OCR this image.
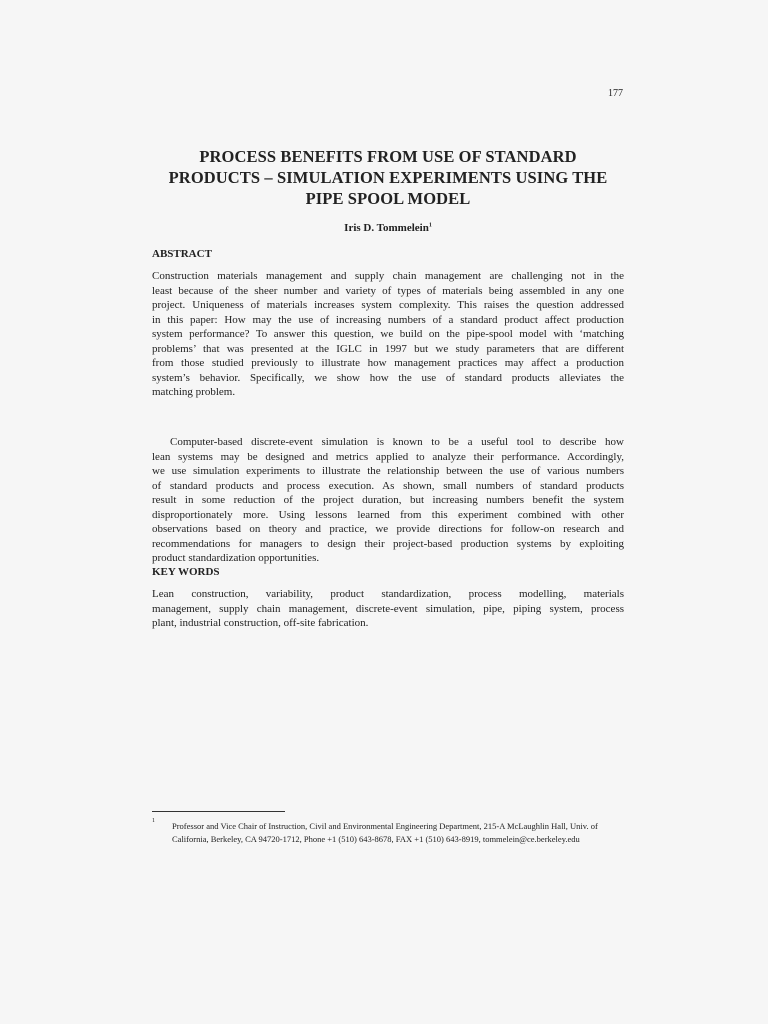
177
PROCESS BENEFITS FROM USE OF STANDARD
PRODUCTS – SIMULATION EXPERIMENTS USING THE
PIPE SPOOL MODEL
Iris D. Tommelein$^1$
ABSTRACT
Construction materials management and supply chain management are challenging not in the
least because of the sheer number and variety of types of materials being assembled in any one
project. Uniqueness of materials increases system complexity. This raises the question addressed
in this paper: How may the use of increasing numbers of a standard product affect production
system performance? To answer this question, we build on the pipe-spool model with ‘matching
problems’ that was presented at the IGLC in 1997 but we study parameters that are different
from those studied previously to illustrate how management practices may affect a production
system’s behavior. Specifically, we show how the use of standard products alleviates the
matching problem.
Computer-based discrete-event simulation is known to be a useful tool to describe how
lean systems may be designed and metrics applied to analyze their performance. Accordingly,
we use simulation experiments to illustrate the relationship between the use of various numbers
of standard products and process execution. As shown, small numbers of standard products
result in some reduction of the project duration, but increasing numbers benefit the system
disproportionately more. Using lessons learned from this experiment combined with other
observations based on theory and practice, we provide directions for follow-on research and
recommendations for managers to design their project-based production systems by exploiting
product standardization opportunities.
KEY WORDS
Lean construction, variability, product standardization, process modelling, materials
management, supply chain management, discrete-event simulation, pipe, piping system, process
plant, industrial construction, off-site fabrication.
1 Professor and Vice Chair of Instruction, Civil and Environmental Engineering Department, 215-A McLaughlin Hall, Univ. of California, Berkeley, CA 94720-1712, Phone +1 (510) 643-8678, FAX +1 (510) 643-8919, tommelein@ce.berkeley.edu
